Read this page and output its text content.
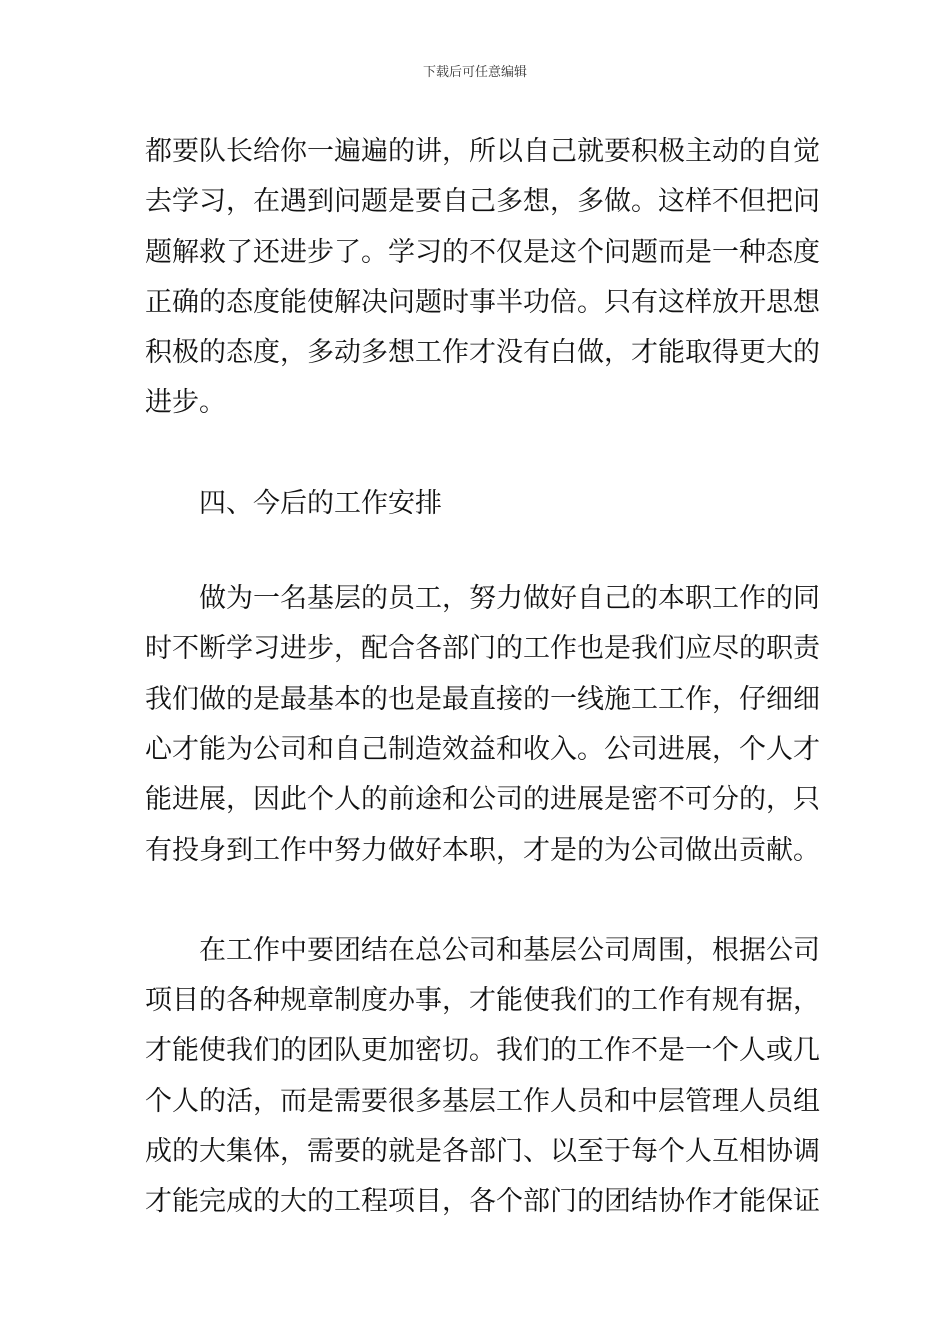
下载后可任意编辑

都要队长给你一遍遍的讲，所以自己就要积极主动的自觉
去学习，在遇到问题是要自己多想，多做。这样不但把问
题解救了还进步了。学习的不仅是这个问题而是一种态度
正确的态度能使解决问题时事半功倍。只有这样放开思想
积极的态度，多动多想工作才没有白做，才能取得更大的
进步。

四、今后的工作安排

做为一名基层的员工，努力做好自己的本职工作的同
时不断学习进步，配合各部门的工作也是我们应尽的职责
我们做的是最基本的也是最直接的一线施工工作，仔细细
心才能为公司和自己制造效益和收入。公司进展，个人才
能进展，因此个人的前途和公司的进展是密不可分的，只
有投身到工作中努力做好本职，才是的为公司做出贡献。

在工作中要团结在总公司和基层公司周围，根据公司
项目的各种规章制度办事，才能使我们的工作有规有据，
才能使我们的团队更加密切。我们的工作不是一个人或几
个人的活，而是需要很多基层工作人员和中层管理人员组
成的大集体，需要的就是各部门、以至于每个人互相协调
才能完成的大的工程项目，各个部门的团结协作才能保证
